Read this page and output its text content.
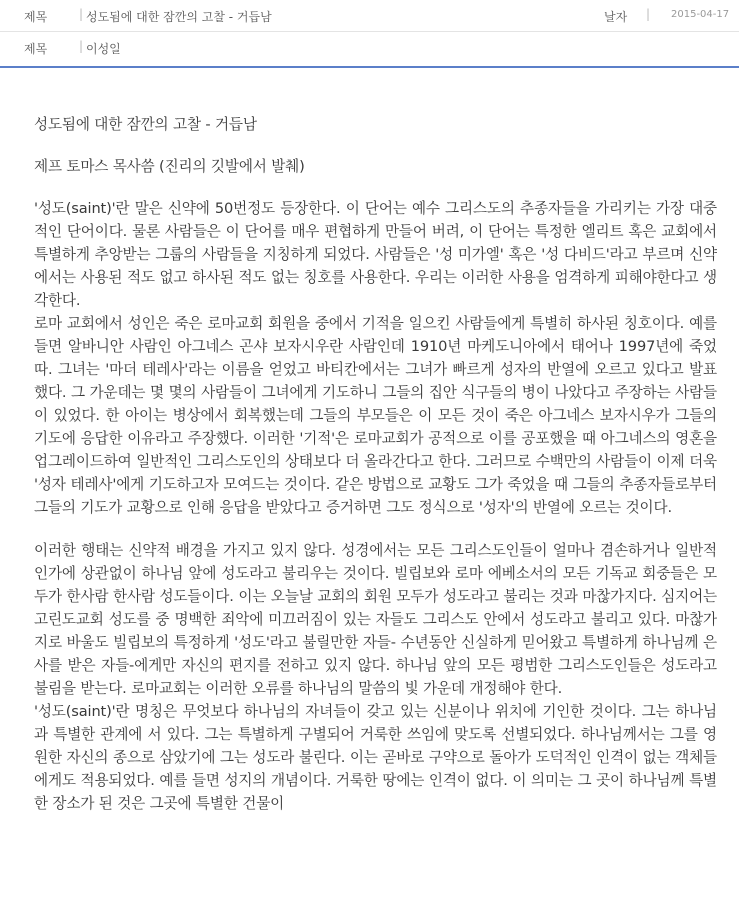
제목	| 성도됨에 대한 잠깐의 고찰 - 거듭남	날자 | 2015-04-17
제목	| 이성일

성도됨에 대한 잠깐의 고찰 - 거듭남

제프 토마스 목사씀 (진리의 깃발에서 발췌)

'성도(saint)'란 말은 신약에 50번정도 등장한다. 이 단어는 예수 그리스도의 추종자들을 가리키는 가장 대중적인 단어이다. 물론 사람들은 이 단어를 매우 편협하게 만들어 버려, 이 단어는 특정한 엘리트 혹은 교회에서 특별하게 추앙받는 그룹의 사람들을 지칭하게 되었다. 사람들은 '성 미가엘' 혹은 '성 다비드'라고 부르며 신약에서는 사용된 적도 없고 하사된 적도 없는 칭호를 사용한다. 우리는 이러한 사용을 엄격하게 피해야한다고 생각한다.

로마 교회에서 성인은 죽은 로마교회 회원을 중에서 기적을 일으킨 사람들에게 특별히 하사된 칭호이다. 예를 들면 알바니안 사람인 아그네스 곤샤 보자시우란 사람인데 1910년 마케도니아에서 태어나 1997년에 죽었따. 그녀는 '마더 테레사'라는 이름을 얻었고 바티칸에서는 그녀가 빠르게 성자의 반열에 오르고 있다고 발표했다. 그 가운데는 몇 몇의 사람들이 그녀에게 기도하니 그들의 집안 식구들의 병이 나았다고 주장하는 사람들이 있었다. 한 아이는 병상에서 회복했는데 그들의 부모들은 이 모든 것이 죽은 아그네스 보자시우가 그들의 기도에 응답한 이유라고 주장했다. 이러한 '기적'은 로마교회가 공적으로 이를 공포했을 때 아그네스의 영혼을 업그레이드하여 일반적인 그리스도인의 상태보다 더 올라간다고 한다. 그러므로 수백만의 사람들이 이제 더욱 '성자 테레사'에게 기도하고자 모여드는 것이다. 같은 방법으로 교황도 그가 죽었을 때 그들의 추종자들로부터 그들의 기도가 교황으로 인해 응답을 받았다고 증거하면 그도 정식으로 '성자'의 반열에 오르는 것이다.

이러한 행태는 신약적 배경을 가지고 있지 않다. 성경에서는 모든 그리스도인들이 얼마나 겸손하거나 일반적인가에 상관없이 하나님 앞에 성도라고 불리우는 것이다. 빌립보와 로마 에베소서의 모든 기독교 회중들은 모두가 한사람 한사람 성도들이다. 이는 오늘날 교회의 회원 모두가 성도라고 불리는 것과 마찮가지다. 심지어는 고린도교회 성도를 중 명백한 죄악에 미끄러짐이 있는 자들도 그리스도 안에서 성도라고 불리고 있다. 마찮가지로 바울도 빌립보의 특정하게 '성도'라고 불릴만한 자들- 수년동안 신실하게 믿어왔고 특별하게 하나님께 은사를 받은 자들-에게만 자신의 편지를 전하고 있지 않다. 하나님 앞의 모든 평범한 그리스도인들은 성도라고 불림을 받는다. 로마교회는 이러한 오류를 하나님의 말씀의 빛 가운데 개정해야 한다.

'성도(saint)'란 명칭은 무엇보다 하나님의 자녀들이 갖고 있는 신분이나 위치에 기인한 것이다. 그는 하나님과 특별한 관계에 서 있다. 그는 특별하게 구별되어 거룩한 쓰임에 맞도록 선별되었다. 하나님께서는 그를 영원한 자신의 종으로 삼았기에 그는 성도라 불린다. 이는 곧바로 구약으로 돌아가 도덕적인 인격이 없는 객체들에게도 적용되었다. 예를 들면 성지의 개념이다. 거룩한 땅에는 인격이 없다. 이 의미는 그 곳이 하나님께 특별한 장소가 된 것은 그곳에 특별한 건물이
